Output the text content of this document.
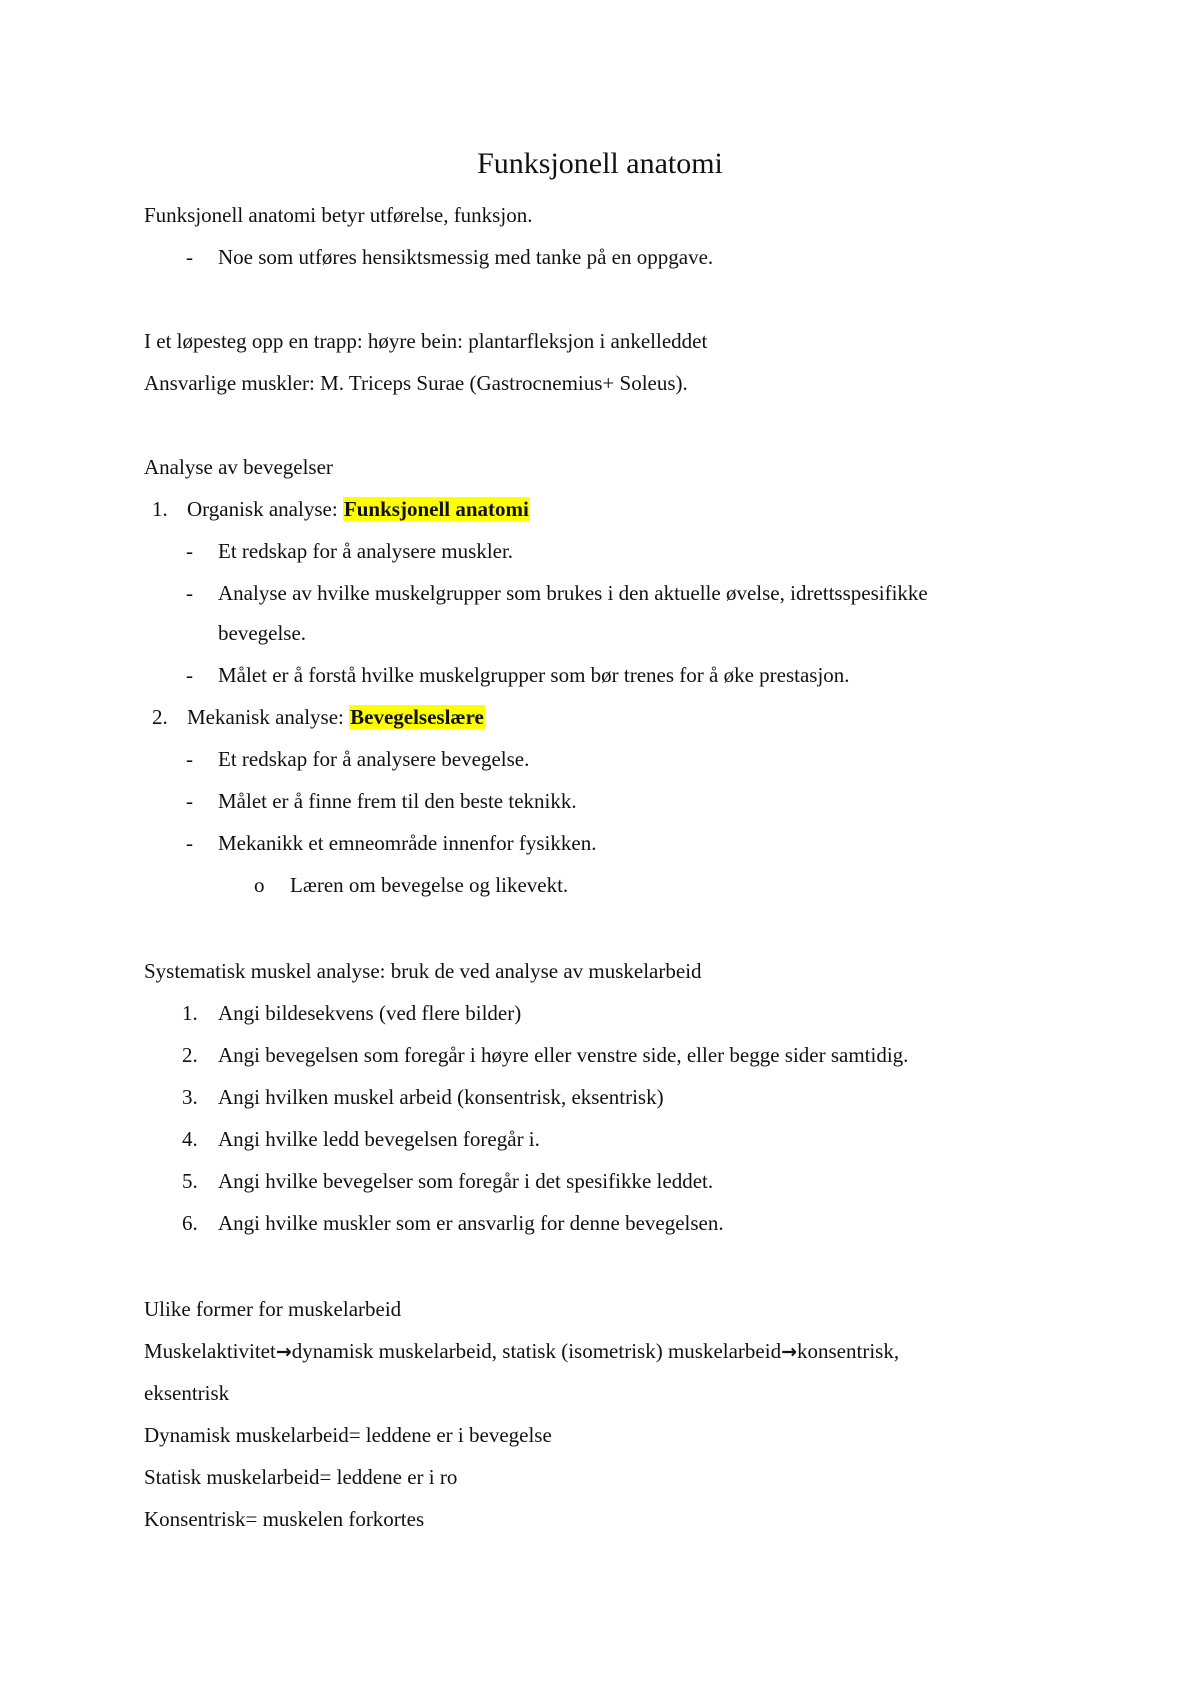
Funksjonell anatomi
Funksjonell anatomi betyr utførelse, funksjon.
- Noe som utføres hensiktsmessig med tanke på en oppgave.
I et løpesteg opp en trapp: høyre bein: plantarfleksjon i ankelleddet
Ansvarlige muskler: M. Triceps Surae (Gastrocnemius+ Soleus).
Analyse av bevegelser
1. Organisk analyse: Funksjonell anatomi
- Et redskap for å analysere muskler.
- Analyse av hvilke muskelgrupper som brukes i den aktuelle øvelse, idrettsspesifikke
bevegelse.
- Målet er å forstå hvilke muskelgrupper som bør trenes for å øke prestasjon.
2. Mekanisk analyse: Bevegelseslære
- Et redskap for å analysere bevegelse.
- Målet er å finne frem til den beste teknikk.
- Mekanikk et emneområde innenfor fysikken.
o Læren om bevegelse og likevekt.
Systematisk muskel analyse: bruk de ved analyse av muskelarbeid
1. Angi bildesekvens (ved flere bilder)
2. Angi bevegelsen som foregår i høyre eller venstre side, eller begge sider samtidig.
3. Angi hvilken muskel arbeid (konsentrisk, eksentrisk)
4. Angi hvilke ledd bevegelsen foregår i.
5. Angi hvilke bevegelser som foregår i det spesifikke leddet.
6. Angi hvilke muskler som er ansvarlig for denne bevegelsen.
Ulike former for muskelarbeid
Muskelaktivitet→dynamisk muskelarbeid, statisk (isometrisk) muskelarbeid→konsentrisk,
eksentrisk
Dynamisk muskelarbeid= leddene er i bevegelse
Statisk muskelarbeid= leddene er i ro
Konsentrisk= muskelen forkortes
